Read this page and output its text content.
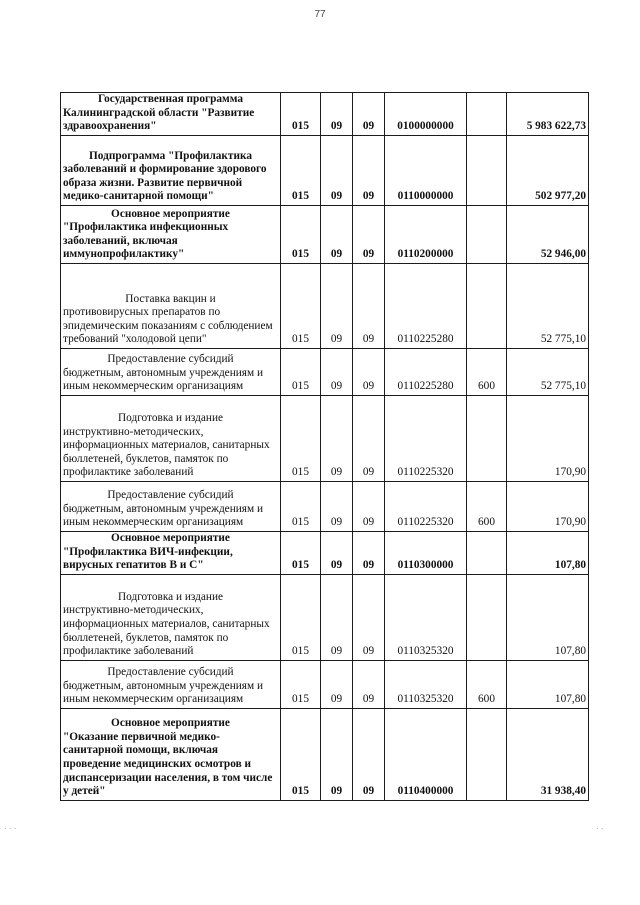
77
Государственная программа
Калининградской области "Развитие здравоохранения"	015	09	09	0100000000		5 983 622,73

Подпрограмма "Профилактика
заболеваний и формирование здорового образа жизни. Развитие первичной медико-санитарной помощи"	015	09	09	0110000000		502 977,20

Основное мероприятие
"Профилактика инфекционных заболеваний, включая иммунопрофилактику"	015	09	09	0110200000		52 946,00

Поставка вакцин и
противовирусных препаратов по эпидемическим показаниям с соблюдением требований "холодовой цепи"	015	09	09	0110225280		52 775,10

Предоставление субсидий
бюджетным, автономным учреждениям и иным некоммерческим организациям	015	09	09	0110225280	600	52 775,10

Подготовка и издание
инструктивно-методических, информационных материалов, санитарных бюллетеней, буклетов, памяток по профилактике заболеваний	015	09	09	0110225320		170,90

Предоставление субсидий
бюджетным, автономным учреждениям и иным некоммерческим организациям	015	09	09	0110225320	600	170,90

Основное мероприятие
"Профилактика ВИЧ-инфекции, вирусных гепатитов В и С"	015	09	09	0110300000		107,80

Подготовка и издание
инструктивно-методических, информационных материалов, санитарных бюллетеней, буклетов, памяток по профилактике заболеваний	015	09	09	0110325320		107,80

Предоставление субсидий
бюджетным, автономным учреждениям и иным некоммерческим организациям	015	09	09	0110325320	600	107,80

Основное мероприятие
"Оказание первичной медико-санитарной помощи, включая проведение медицинских осмотров и диспансеризации населения, в том числе у детей"	015	09	09	0110400000		31 938,40
· · ·	· ·
